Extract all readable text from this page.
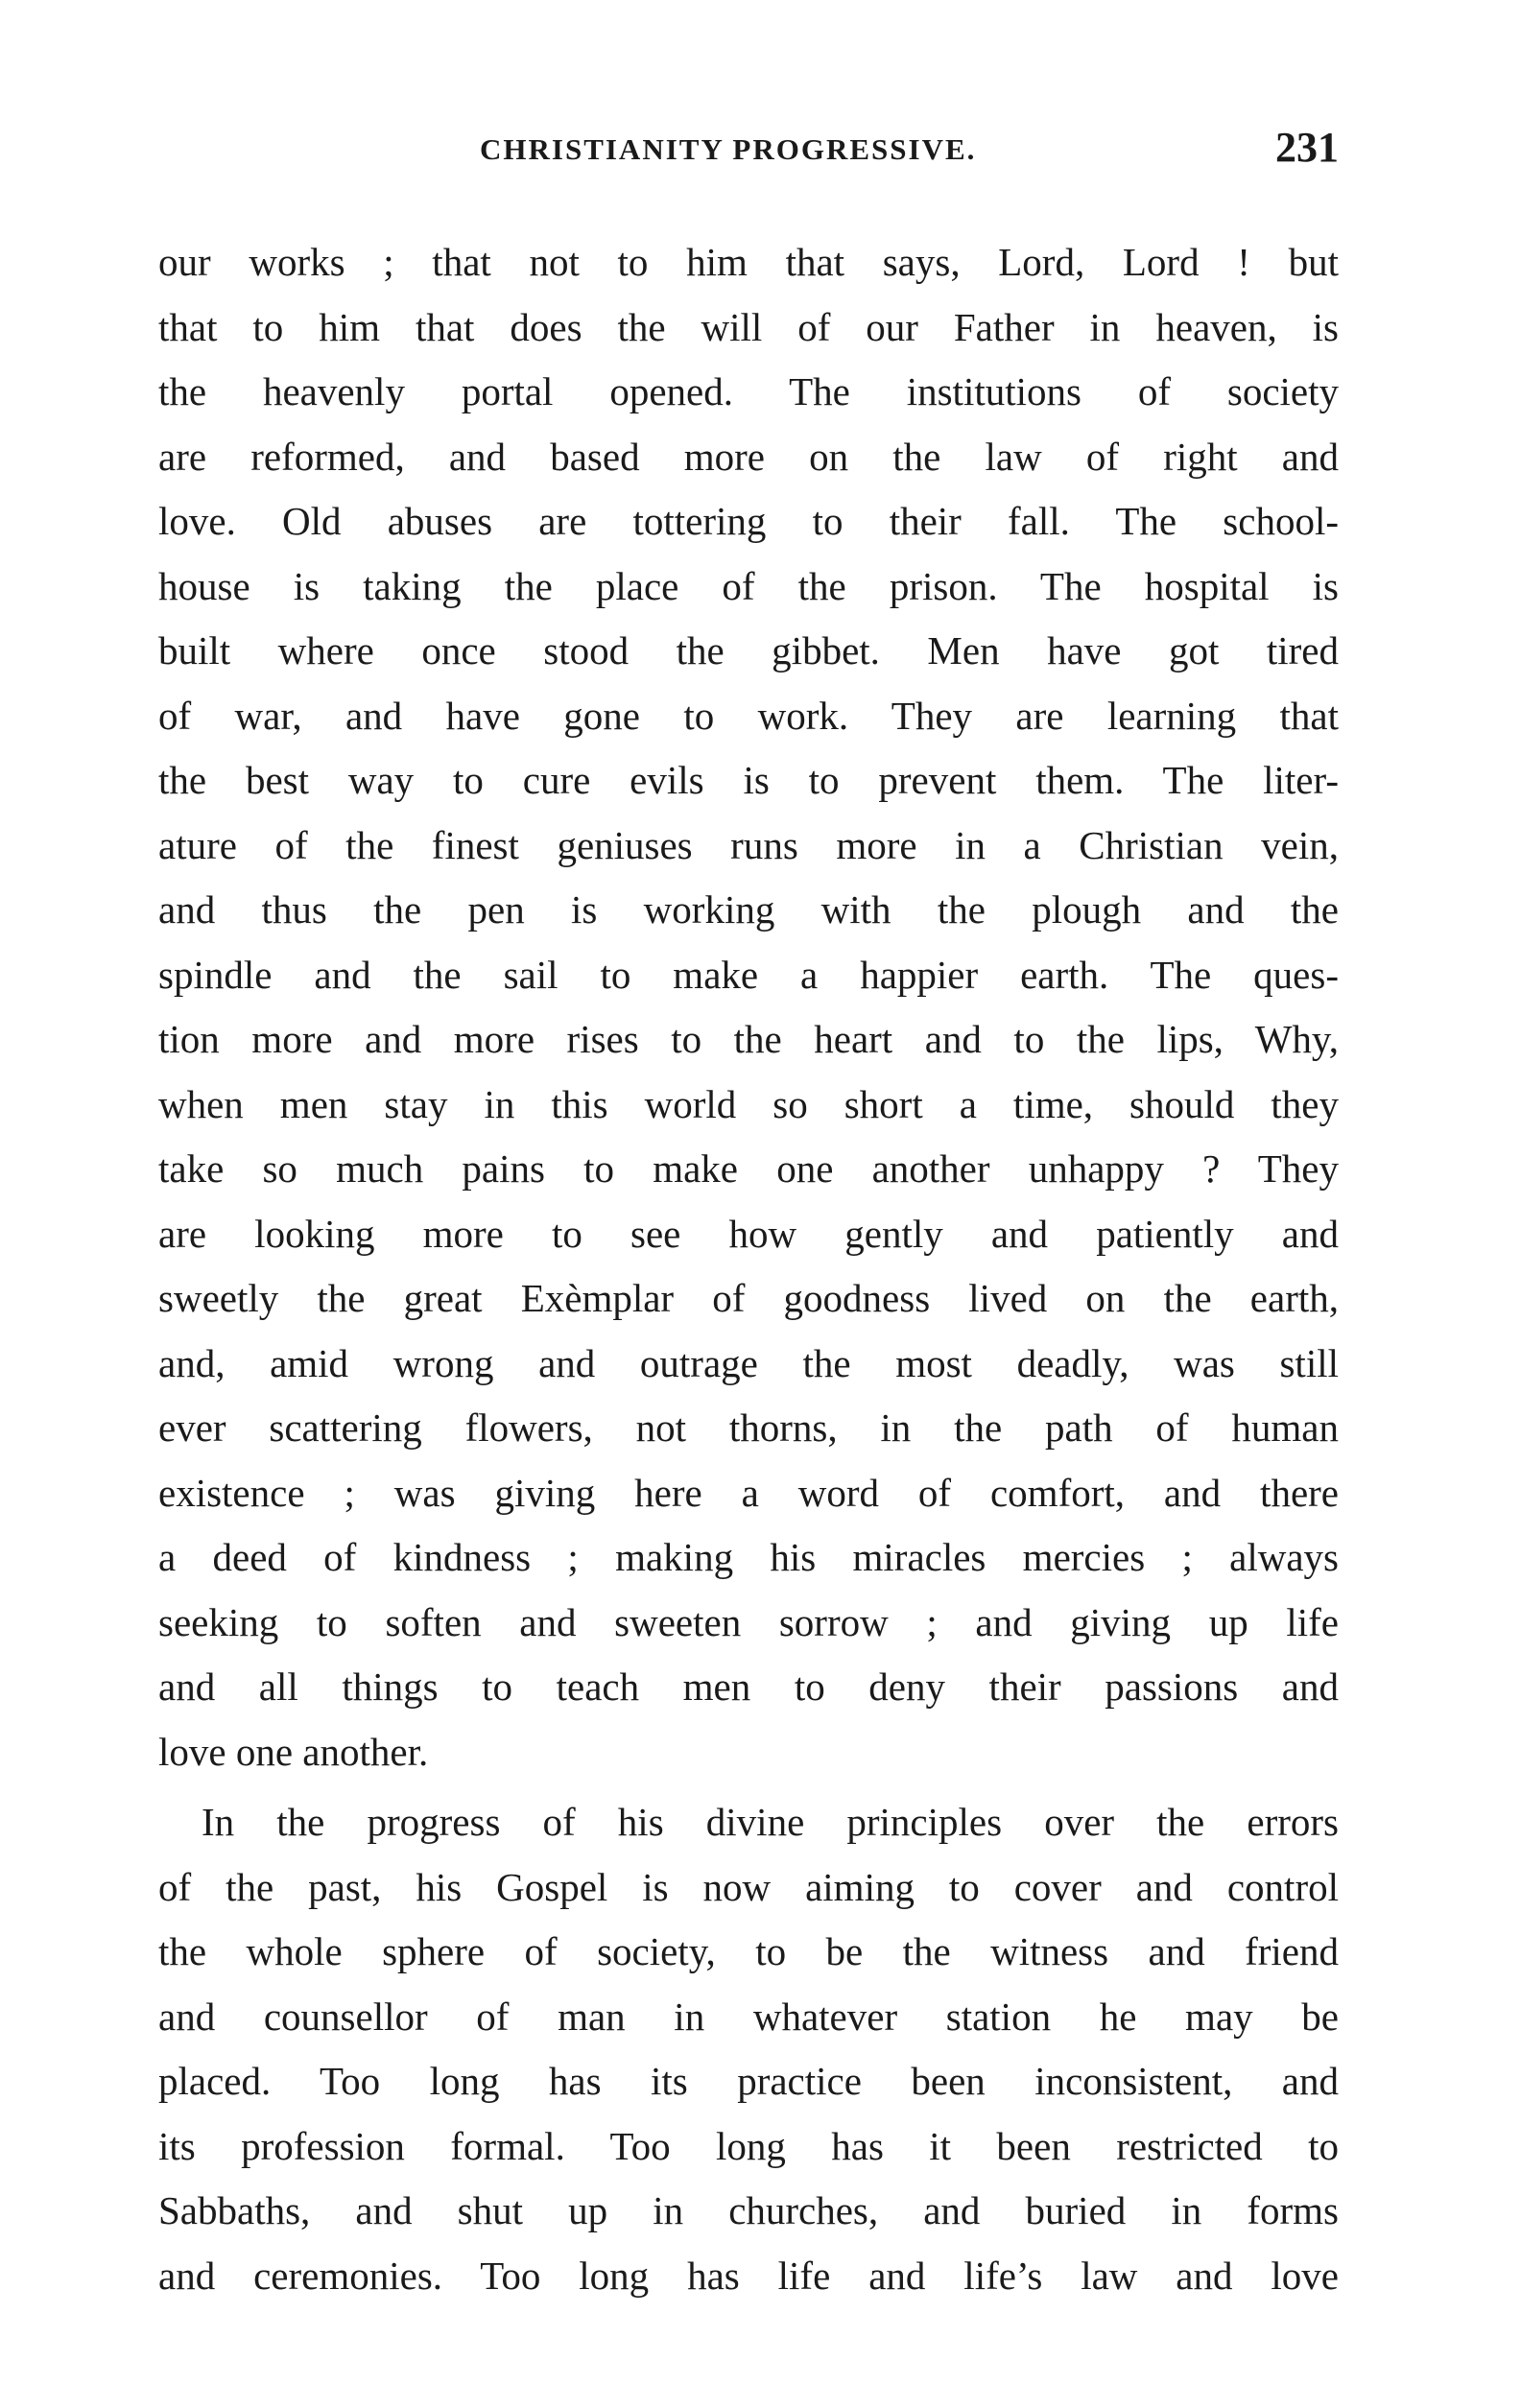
CHRISTIANITY PROGRESSIVE.	231
our works ; that not to him that says, Lord, Lord ! but
that to him that does the will of our Father in heaven, is
the heavenly portal opened. The institutions of society
are reformed, and based more on the law of right and
love. Old abuses are tottering to their fall. The school-
house is taking the place of the prison. The hospital is
built where once stood the gibbet. Men have got tired
of war, and have gone to work. They are learning that
the best way to cure evils is to prevent them. The liter-
ature of the finest geniuses runs more in a Christian vein,
and thus the pen is working with the plough and the
spindle and the sail to make a happier earth. The ques-
tion more and more rises to the heart and to the lips, Why,
when men stay in this world so short a time, should they
take so much pains to make one another unhappy ? They
are looking more to see how gently and patiently and
sweetly the great Exèmplar of goodness lived on the earth,
and, amid wrong and outrage the most deadly, was still
ever scattering flowers, not thorns, in the path of human
existence ; was giving here a word of comfort, and there
a deed of kindness ; making his miracles mercies ; always
seeking to soften and sweeten sorrow ; and giving up life
and all things to teach men to deny their passions and
love one another.
In the progress of his divine principles over the errors
of the past, his Gospel is now aiming to cover and control
the whole sphere of society, to be the witness and friend
and counsellor of man in whatever station he may be
placed. Too long has its practice been inconsistent, and
its profession formal. Too long has it been restricted to
Sabbaths, and shut up in churches, and buried in forms
and ceremonies. Too long has life and life’s law and love
